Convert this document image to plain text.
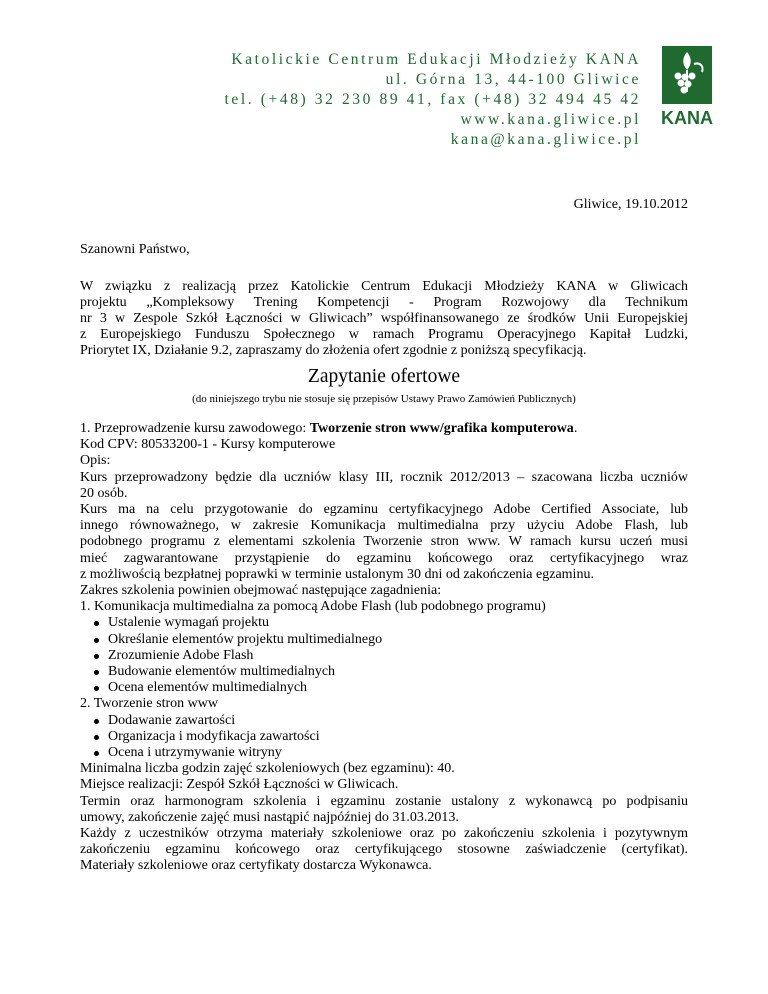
Katolickie Centrum Edukacji Młodzieży KANA
ul. Górna 13, 44-100 Gliwice
tel. (+48) 32 230 89 41, fax (+48) 32 494 45 42
www.kana.gliwice.pl
kana@kana.gliwice.pl
KANA
Gliwice, 19.10.2012
Szanowni Państwo,
W związku z realizacją przez Katolickie Centrum Edukacji Młodzieży KANA w Gliwicach
projektu „Kompleksowy Trening Kompetencji - Program Rozwojowy dla Technikum
nr 3 w Zespole Szkół Łączności w Gliwicach” współfinansowanego ze środków Unii Europejskiej
z Europejskiego Funduszu Społecznego w ramach Programu Operacyjnego Kapitał Ludzki,
Priorytet IX, Działanie 9.2, zapraszamy do złożenia ofert zgodnie z poniższą specyfikacją.
Zapytanie ofertowe
(do niniejszego trybu nie stosuje się przepisów Ustawy Prawo Zamówień Publicznych)
1. Przeprowadzenie kursu zawodowego: Tworzenie stron www/grafika komputerowa.
Kod CPV: 80533200-1 - Kursy komputerowe
Opis:
Kurs przeprowadzony będzie dla uczniów klasy III, rocznik 2012/2013 – szacowana liczba uczniów
20 osób.
Kurs ma na celu przygotowanie do egzaminu certyfikacyjnego Adobe Certified Associate, lub
innego równoważnego, w zakresie Komunikacja multimedialna przy użyciu Adobe Flash, lub
podobnego programu z elementami szkolenia Tworzenie stron www. W ramach kursu uczeń musi
mieć zagwarantowane przystąpienie do egzaminu końcowego oraz certyfikacyjnego wraz
z możliwością bezpłatnej poprawki w terminie ustalonym 30 dni od zakończenia egzaminu.
Zakres szkolenia powinien obejmować następujące zagadnienia:
1. Komunikacja multimedialna za pomocą Adobe Flash (lub podobnego programu)
Ustalenie wymagań projektu
Określanie elementów projektu multimedialnego
Zrozumienie Adobe Flash
Budowanie elementów multimedialnych
Ocena elementów multimedialnych
2. Tworzenie stron www
Dodawanie zawartości
Organizacja i modyfikacja zawartości
Ocena i utrzymywanie witryny
Minimalna liczba godzin zajęć szkoleniowych (bez egzaminu): 40.
Miejsce realizacji: Zespół Szkół Łączności w Gliwicach.
Termin oraz harmonogram szkolenia i egzaminu zostanie ustalony z wykonawcą po podpisaniu
umowy, zakończenie zajęć musi nastąpić najpóźniej do 31.03.2013.
Każdy z uczestników otrzyma materiały szkoleniowe oraz po zakończeniu szkolenia i pozytywnym
zakończeniu egzaminu końcowego oraz certyfikującego stosowne zaświadczenie (certyfikat).
Materiały szkoleniowe oraz certyfikaty dostarcza Wykonawca.
